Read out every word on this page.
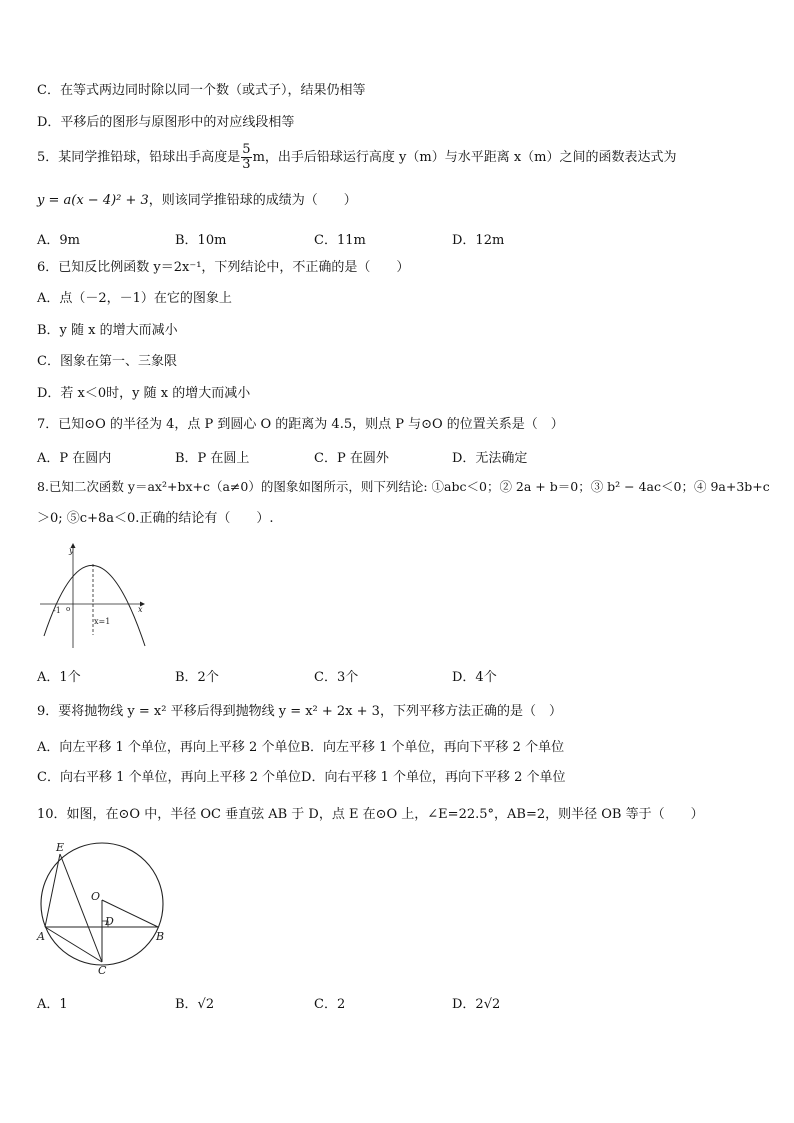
C．在等式两边同时除以同一个数（或式子），结果仍相等
D．平移后的图形与原图形中的对应线段相等
5．某同学推铅球，铅球出手高度是 $\frac{5}{3}$ m，出手后铅球运行高度 y（m）与水平距离 x（m）之间的函数表达式为
y = a(x − 4)² + 3，则该同学推铅球的成绩为（　　）
A．9m	B．10m	C．11m	D．12m
6．已知反比例函数 y＝2x⁻¹，下列结论中，不正确的是（　　）
A．点（－2，－1）在它的图象上
B．y 随 x 的增大而减小
C．图象在第一、三象限
D．若 x＜0时，y 随 x 的增大而减小
7．已知⊙O 的半径为 4，点 P 到圆心 O 的距离为 4.5，则点 P 与⊙O 的位置关系是（　）
A．P 在圆内	B．P 在圆上	C．P 在圆外	D．无法确定
8.已知二次函数 y＝ax²+bx+c（a≠0）的图象如图所示，则下列结论: ①abc＜0；② 2a + b＝0；③ b² − 4ac＜0；④ 9a+3b+c
＞0; ⑤c+8a＜0.正确的结论有（　　）.
y
x
-1 o
x=1
A．1个	B．2个	C．3个	D．4个
9．要将抛物线 y = x² 平移后得到抛物线 y = x² + 2x + 3，下列平移方法正确的是（　）
A．向左平移 1 个单位，再向上平移 2 个单位B．向左平移 1 个单位，再向下平移 2 个单位
C．向右平移 1 个单位，再向上平移 2 个单位D．向右平移 1 个单位，再向下平移 2 个单位
10．如图，在⊙O 中，半径 OC 垂直弦 AB 于 D，点 E 在⊙O 上，∠E=22.5°，AB=2，则半径 OB 等于（　　）
E
O
D
A	B
C
A．1	B．√2	C．2	D．2√2
